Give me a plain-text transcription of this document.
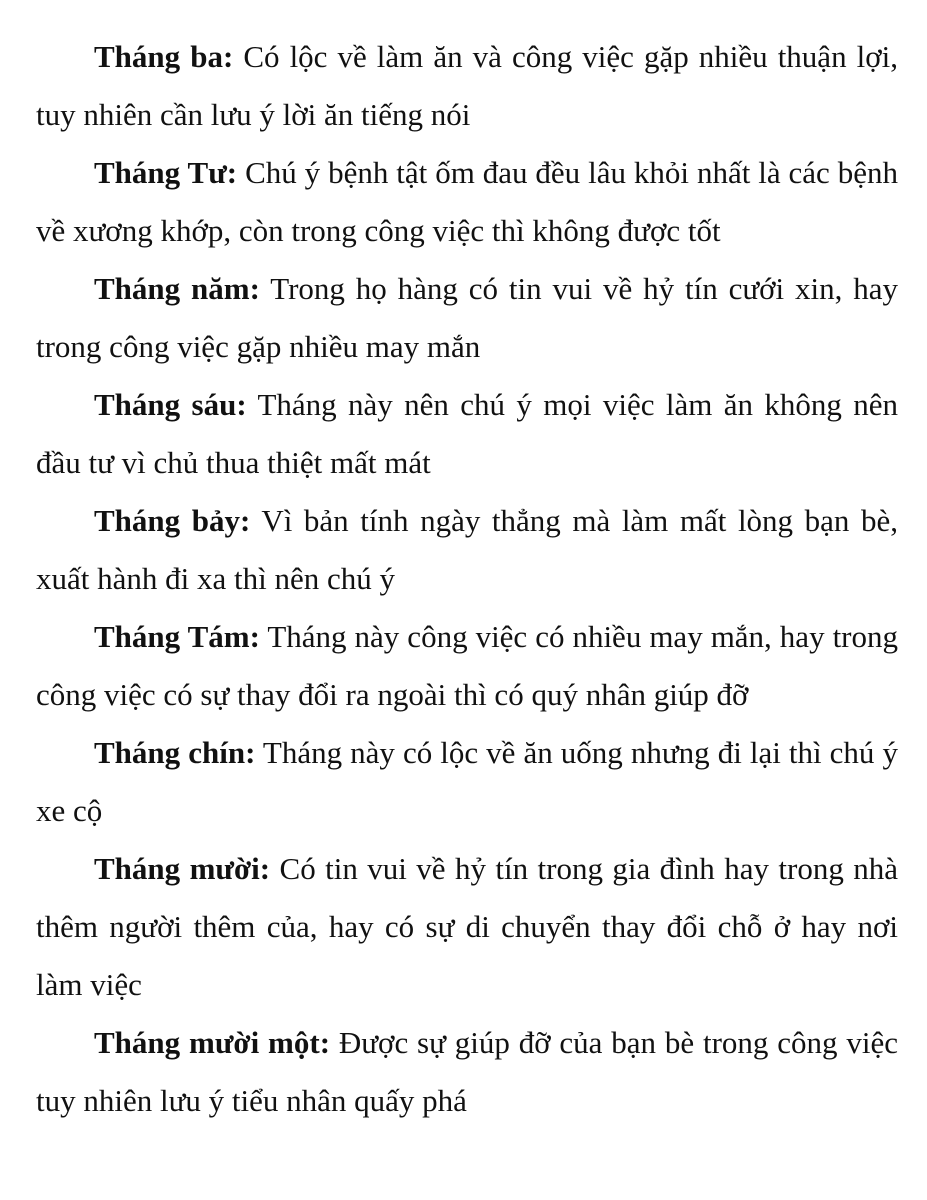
Tháng ba: Có lộc về làm ăn và công việc gặp nhiều thuận lợi, tuy nhiên cần lưu ý lời ăn tiếng nói

Tháng Tư: Chú ý bệnh tật ốm đau đều lâu khỏi nhất là các bệnh về xương khớp, còn trong công việc thì không được tốt

Tháng năm: Trong họ hàng có tin vui về hỷ tín cưới xin, hay trong công việc gặp nhiều may mắn

Tháng sáu: Tháng này nên chú ý mọi việc làm ăn không nên đầu tư vì chủ thua thiệt mất mát

Tháng bảy: Vì bản tính ngày thẳng mà làm mất lòng bạn bè, xuất hành đi xa thì nên chú ý

Tháng Tám: Tháng này công việc có nhiều may mắn, hay trong công việc có sự thay đổi ra ngoài thì có quý nhân giúp đỡ

Tháng chín: Tháng này có lộc về ăn uống nhưng đi lại thì chú ý xe cộ

Tháng mười: Có tin vui về hỷ tín trong gia đình hay trong nhà thêm người thêm của, hay có sự di chuyển thay đổi chỗ ở hay nơi làm việc

Tháng mười một: Được sự giúp đỡ của bạn bè trong công việc tuy nhiên lưu ý tiểu nhân quấy phá
